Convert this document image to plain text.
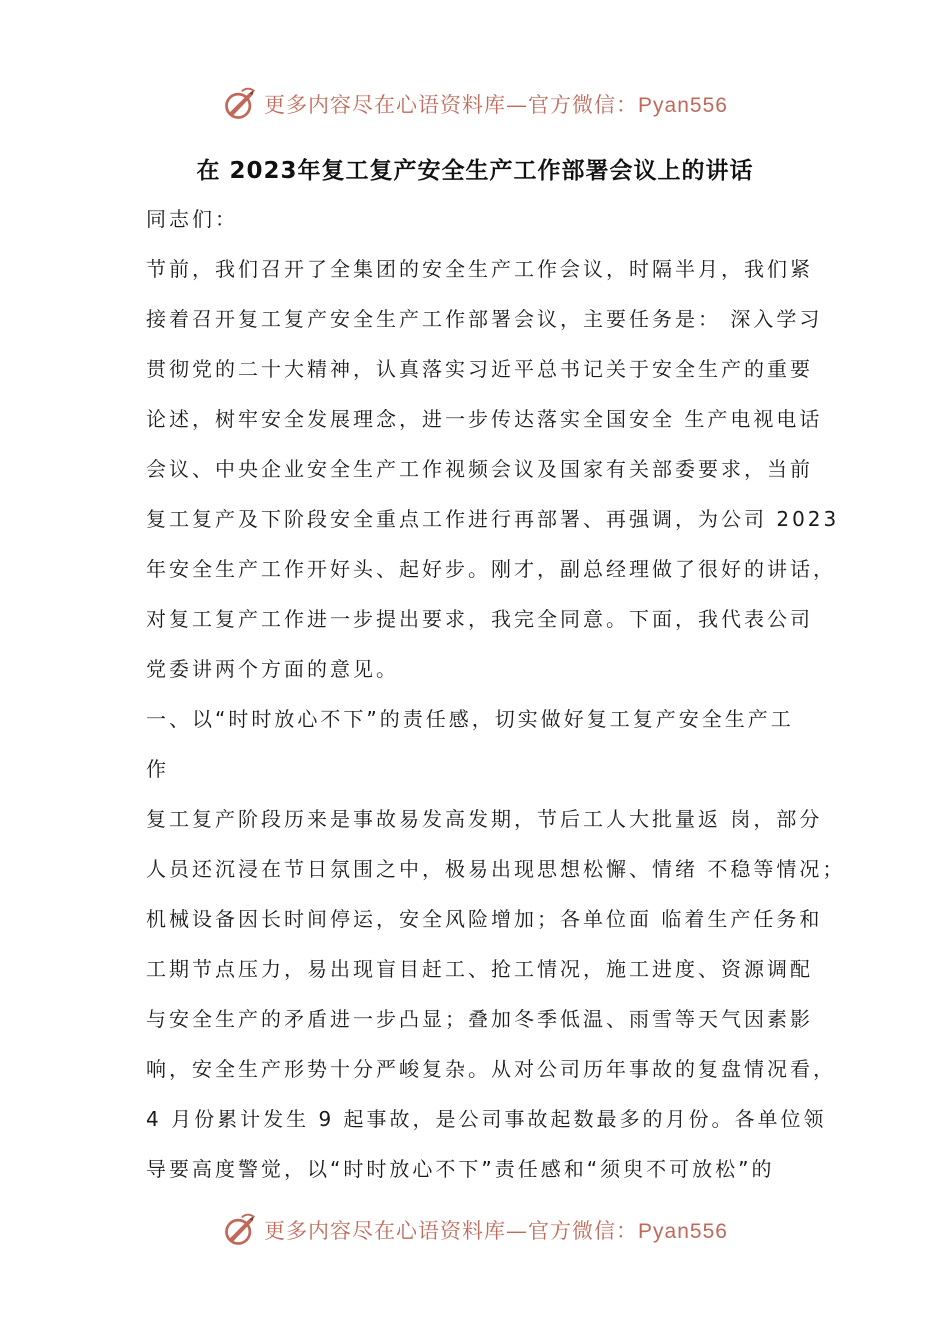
更多内容尽在心语资料库—官方微信：Pyan556
在 2023年复工复产安全生产工作部署会议上的讲话
同志们：
节前，我们召开了全集团的安全生产工作会议，时隔半月，我们紧
接着召开复工复产安全生产工作部署会议，主要任务是： 深入学习
贯彻党的二十大精神，认真落实习近平总书记关于安全生产的重要
论述，树牢安全发展理念，进一步传达落实全国安全 生产电视电话
会议、中央企业安全生产工作视频会议及国家有关部委要求，当前
复工复产及下阶段安全重点工作进行再部署、再强调，为公司 2023
年安全生产工作开好头、起好步。刚才，副总经理做了很好的讲话，
对复工复产工作进一步提出要求，我完全同意。下面，我代表公司
党委讲两个方面的意见。
一、以“时时放心不下”的责任感，切实做好复工复产安全生产工
作
复工复产阶段历来是事故易发高发期，节后工人大批量返 岗，部分
人员还沉浸在节日氛围之中，极易出现思想松懈、情绪 不稳等情况；
机械设备因长时间停运，安全风险增加；各单位面 临着生产任务和
工期节点压力，易出现盲目赶工、抢工情况，施工进度、资源调配
与安全生产的矛盾进一步凸显；叠加冬季低温、雨雪等天气因素影
响，安全生产形势十分严峻复杂。从对公司历年事故的复盘情况看，
4 月份累计发生 9 起事故，是公司事故起数最多的月份。各单位领
导要高度警觉，以“时时放心不下”责任感和“须臾不可放松”的
更多内容尽在心语资料库—官方微信：Pyan556
